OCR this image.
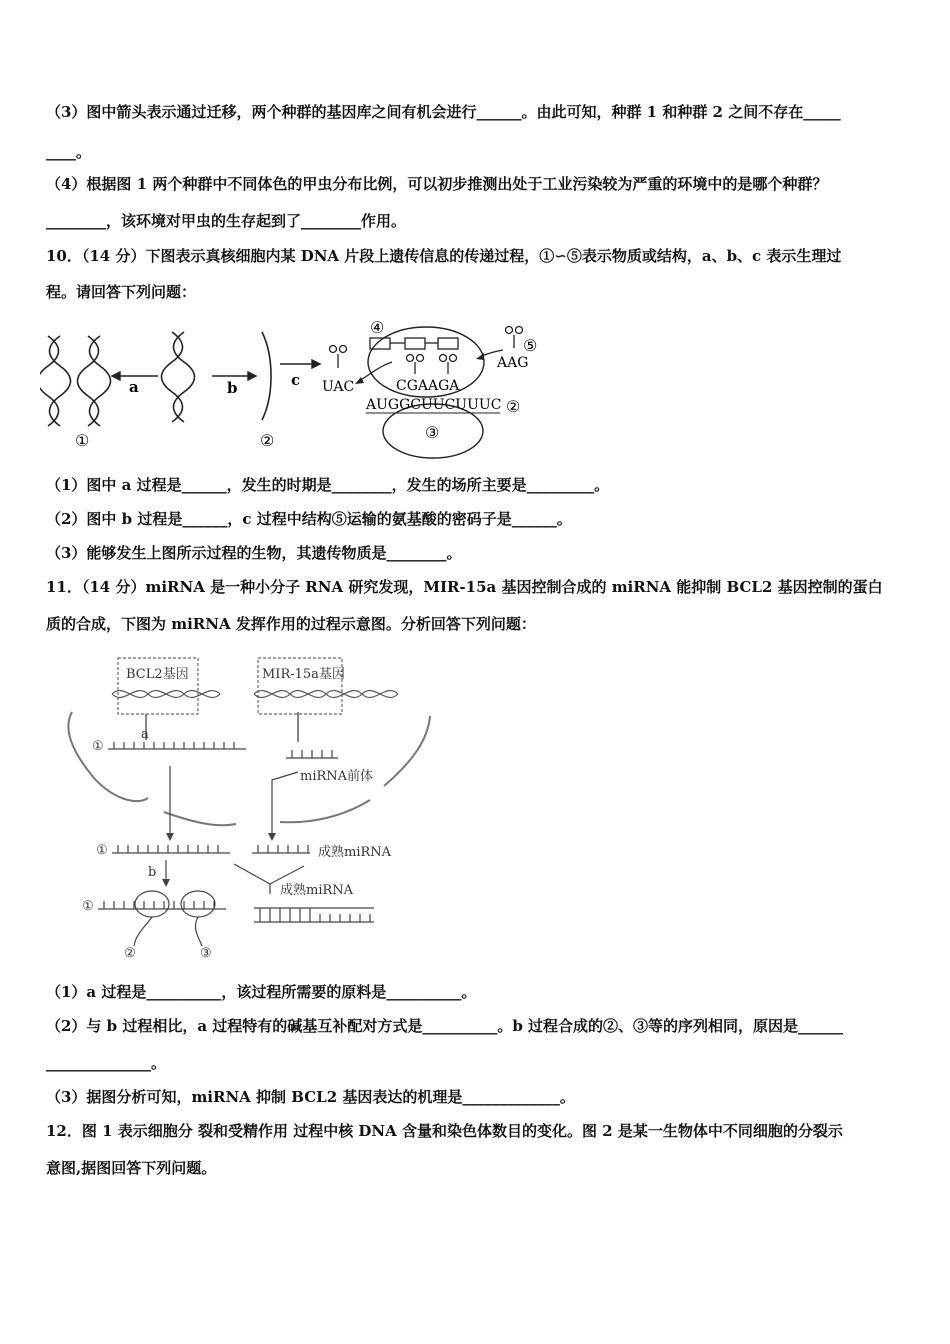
（3）图中箭头表示通过迁移，两个种群的基因库之间有机会进行______。由此可知，种群 1 和种群 2 之间不存在_____
____。
（4）根据图 1 两个种群中不同体色的甲虫分布比例，可以初步推测出处于工业污染较为严重的环境中的是哪个种群？
________，该环境对甲虫的生存起到了________作用。
10．（14 分）下图表示真核细胞内某 DNA 片段上遗传信息的传递过程，①∽⑤表示物质或结构，a、b、c 表示生理过
程。请回答下列问题：
a	b	c UAC	CGAAGA
AUGGCUUCUUUC
AAG
④
⑤
②
③
①	②
（1）图中 a 过程是______，发生的时期是________，发生的场所主要是_________。
（2）图中 b 过程是______，c 过程中结构⑤运输的氨基酸的密码子是______。
（3）能够发生上图所示过程的生物，其遗传物质是________。
11．（14 分）miRNA 是一种小分子 RNA 研究发现，MIR-15a 基因控制合成的 miRNA 能抑制 BCL2 基因控制的蛋白
质的合成，下图为 miRNA 发挥作用的过程示意图。分析回答下列问题：
BCL2基因	MIR-15a基因
a
①
miRNA前体
①	成熟miRNA
b
成熟miRNA
①
②	③
（1）a 过程是__________，该过程所需要的原料是__________。
（2）与 b 过程相比，a 过程特有的碱基互补配对方式是__________。b 过程合成的②、③等的序列相同，原因是______
______________。
（3）据图分析可知，miRNA 抑制 BCL2 基因表达的机理是_____________。
12．图 1 表示细胞分 裂和受精作用 过程中核 DNA 含量和染色体数目的变化。图 2 是某一生物体中不同细胞的分裂示
意图,据图回答下列问题。
